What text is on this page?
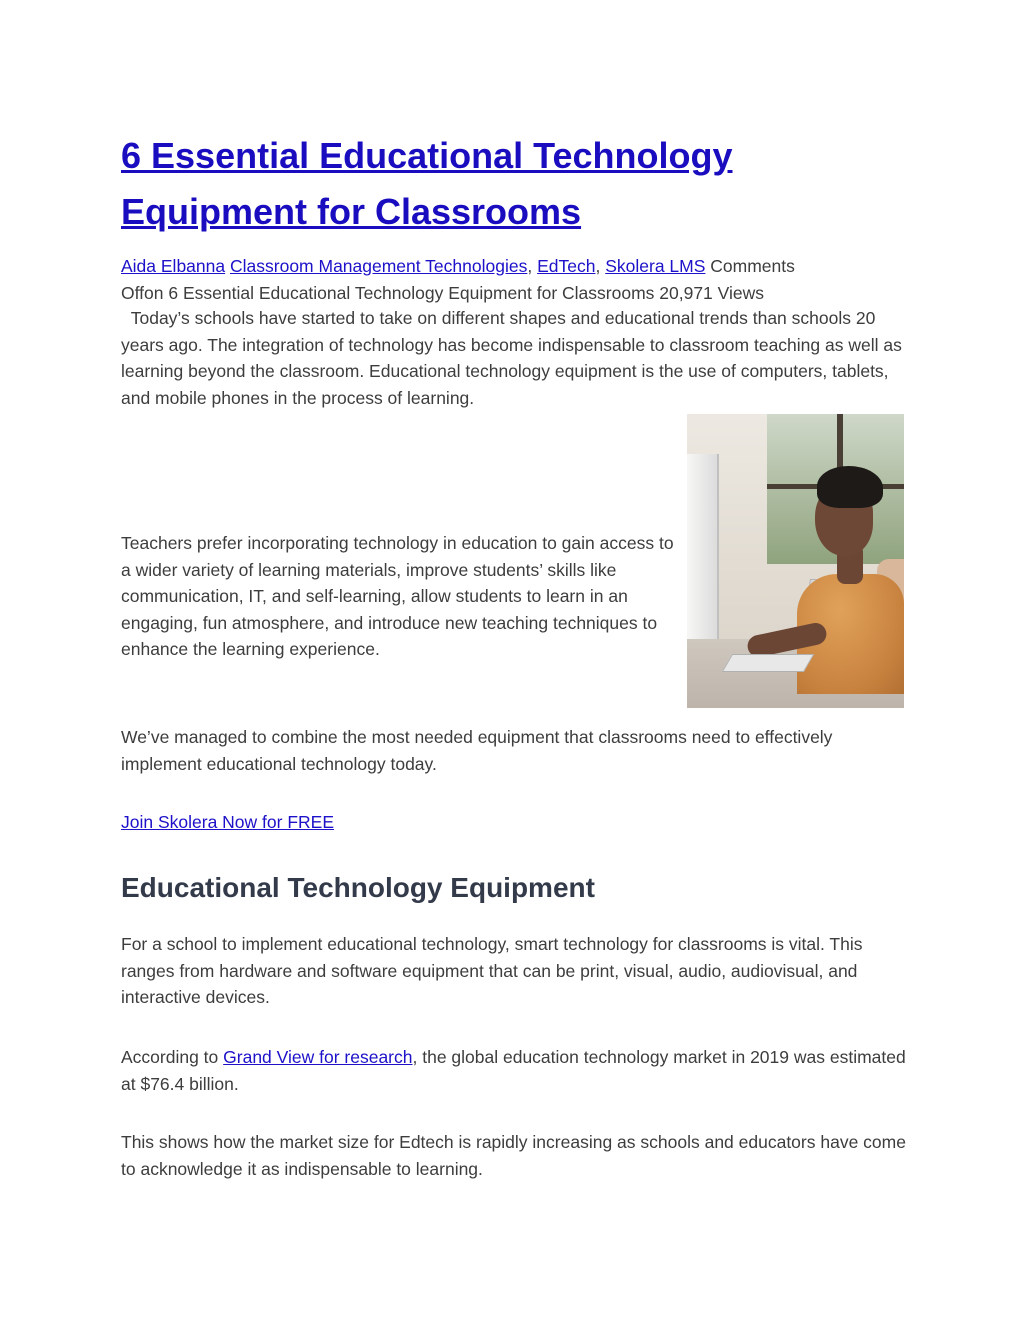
6 Essential Educational Technology Equipment for Classrooms

Aida Elbanna Classroom Management Technologies, EdTech, Skolera LMS Comments
Offon 6 Essential Educational Technology Equipment for Classrooms 20,971 Views

Today’s schools have started to take on different shapes and educational trends than schools 20 years ago. The integration of technology has become indispensable to classroom teaching as well as learning beyond the classroom. Educational technology equipment is the use of computers, tablets, and mobile phones in the process of learning.

Teachers prefer incorporating technology in education to gain access to a wider variety of learning materials, improve students’ skills like communication, IT, and self-learning, allow students to learn in an engaging, fun atmosphere, and introduce new teaching techniques to enhance the learning experience.

We’ve managed to combine the most needed equipment that classrooms need to effectively implement educational technology today.

Join Skolera Now for FREE

Educational Technology Equipment

For a school to implement educational technology, smart technology for classrooms is vital. This ranges from hardware and software equipment that can be print, visual, audio, audiovisual, and interactive devices.

According to Grand View for research, the global education technology market in 2019 was estimated at $76.4 billion.

This shows how the market size for Edtech is rapidly increasing as schools and educators have come to acknowledge it as indispensable to learning.
